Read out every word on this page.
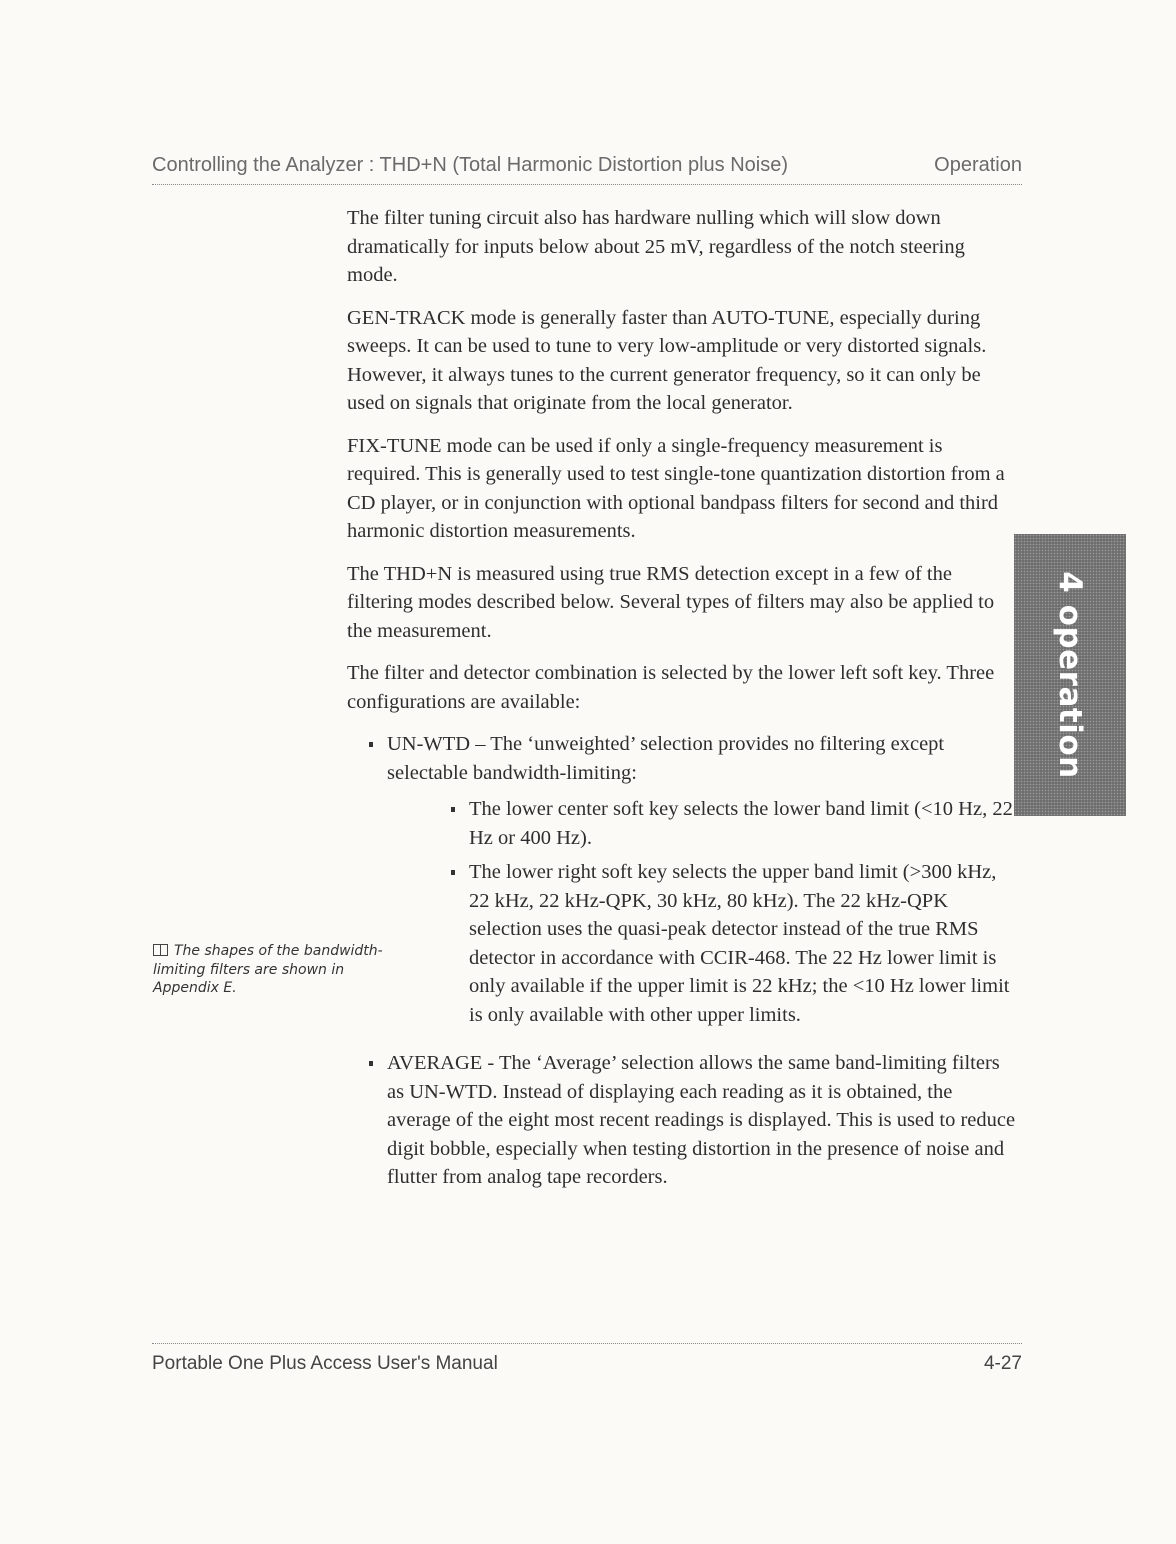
Controlling the Analyzer : THD+N (Total Harmonic Distortion plus Noise)	Operation

The filter tuning circuit also has hardware nulling which will slow down dramatically for inputs below about 25 mV, regardless of the notch steering mode.

GEN-TRACK mode is generally faster than AUTO-TUNE, especially during sweeps. It can be used to tune to very low-amplitude or very distorted signals. However, it always tunes to the current generator frequency, so it can only be used on signals that originate from the local generator.

FIX-TUNE mode can be used if only a single-frequency measurement is required. This is generally used to test single-tone quantization distortion from a CD player, or in conjunction with optional bandpass filters for second and third harmonic distortion measurements.

The THD+N is measured using true RMS detection except in a few of the filtering modes described below. Several types of filters may also be applied to the measurement.

The filter and detector combination is selected by the lower left soft key. Three configurations are available:

UN-WTD – The ‘unweighted’ selection provides no filtering except selectable bandwidth-limiting:
The lower center soft key selects the lower band limit (<10 Hz, 22 Hz or 400 Hz).
The lower right soft key selects the upper band limit (>300 kHz, 22 kHz, 22 kHz-QPK, 30 kHz, 80 kHz). The 22 kHz-QPK selection uses the quasi-peak detector instead of the true RMS detector in accordance with CCIR-468. The 22 Hz lower limit is only available if the upper limit is 22 kHz; the <10 Hz lower limit is only available with other upper limits.
AVERAGE - The ‘Average’ selection allows the same band-limiting filters as UN-WTD. Instead of displaying each reading as it is obtained, the average of the eight most recent readings is displayed. This is used to reduce digit bobble, especially when testing distortion in the presence of noise and flutter from analog tape recorders.
The shapes of the bandwidth-limiting filters are shown in Appendix E.
4 operation
Portable One Plus Access User's Manual	4-27
